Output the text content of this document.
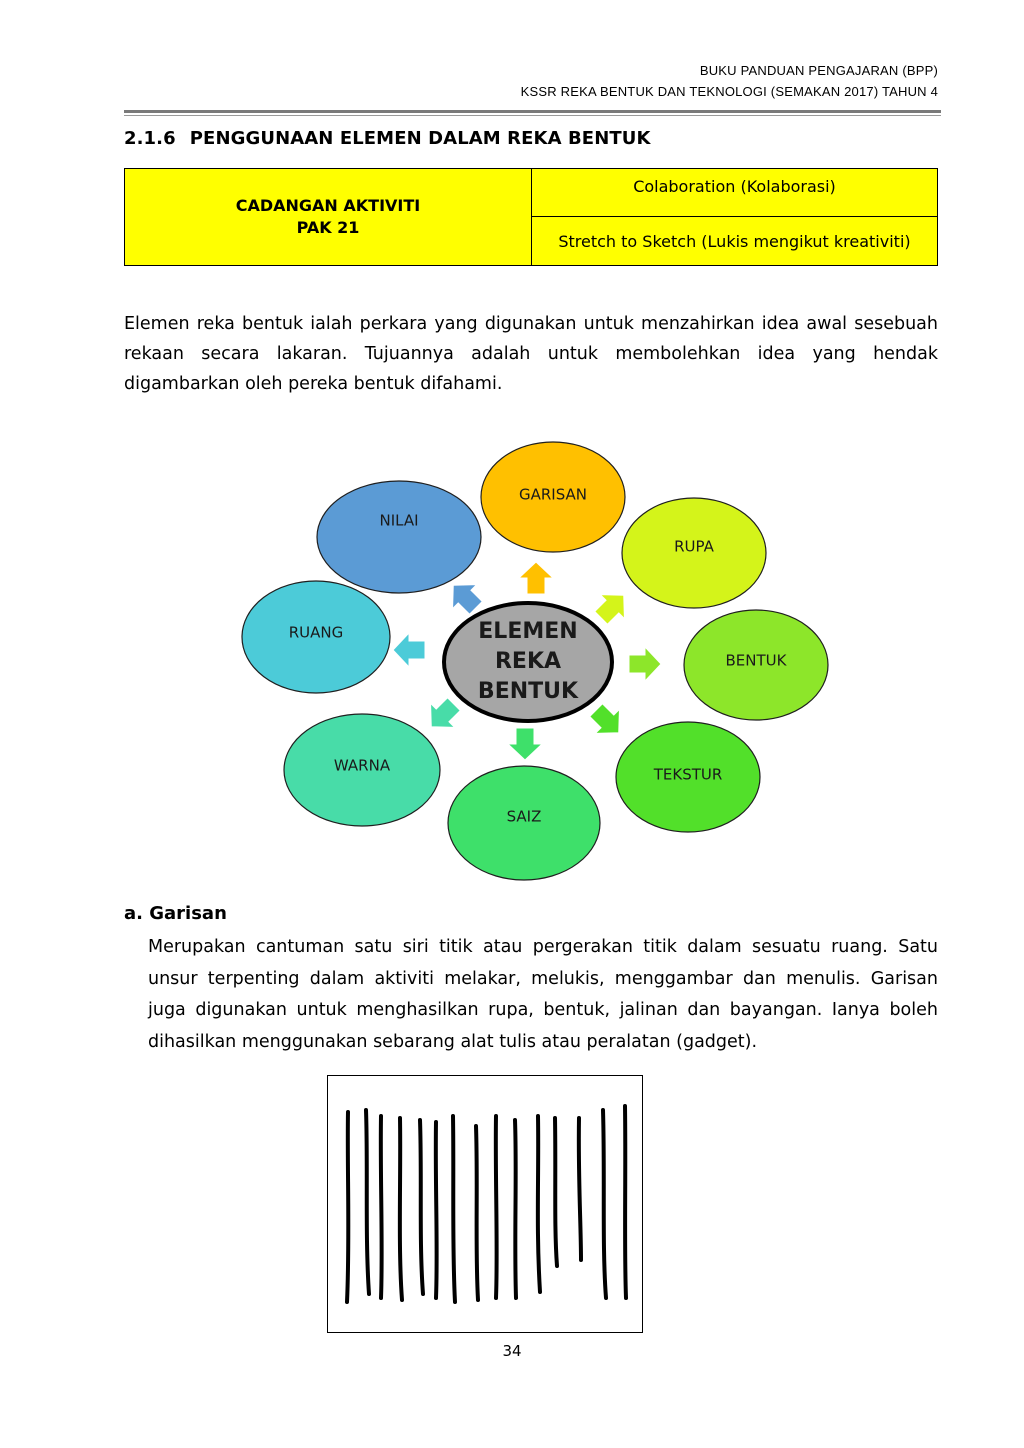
BUKU PANDUAN PENGAJARAN (BPP)
KSSR REKA BENTUK DAN TEKNOLOGI (SEMAKAN 2017) TAHUN 4
2.1.6 PENGGUNAAN ELEMEN DALAM REKA BENTUK
CADANGAN AKTIVITI
PAK 21
Colaboration (Kolaborasi)
Stretch to Sketch (Lukis mengikut kreativiti)
Elemen reka bentuk ialah perkara yang digunakan untuk menzahirkan idea awal sesebuah rekaan secara lakaran. Tujuannya adalah untuk membolehkan idea yang hendak digambarkan oleh pereka bentuk difahami.
GARISAN
RUPA
BENTUK
TEKSTUR
SAIZ
WARNA
RUANG
NILAI
ELEMEN
REKA
BENTUK
a. Garisan
Merupakan cantuman satu siri titik atau pergerakan titik dalam sesuatu ruang. Satu unsur terpenting dalam aktiviti melakar, melukis, menggambar dan menulis. Garisan juga digunakan untuk menghasilkan rupa, bentuk, jalinan dan bayangan. Ianya boleh dihasilkan menggunakan sebarang alat tulis atau peralatan (gadget).
34
